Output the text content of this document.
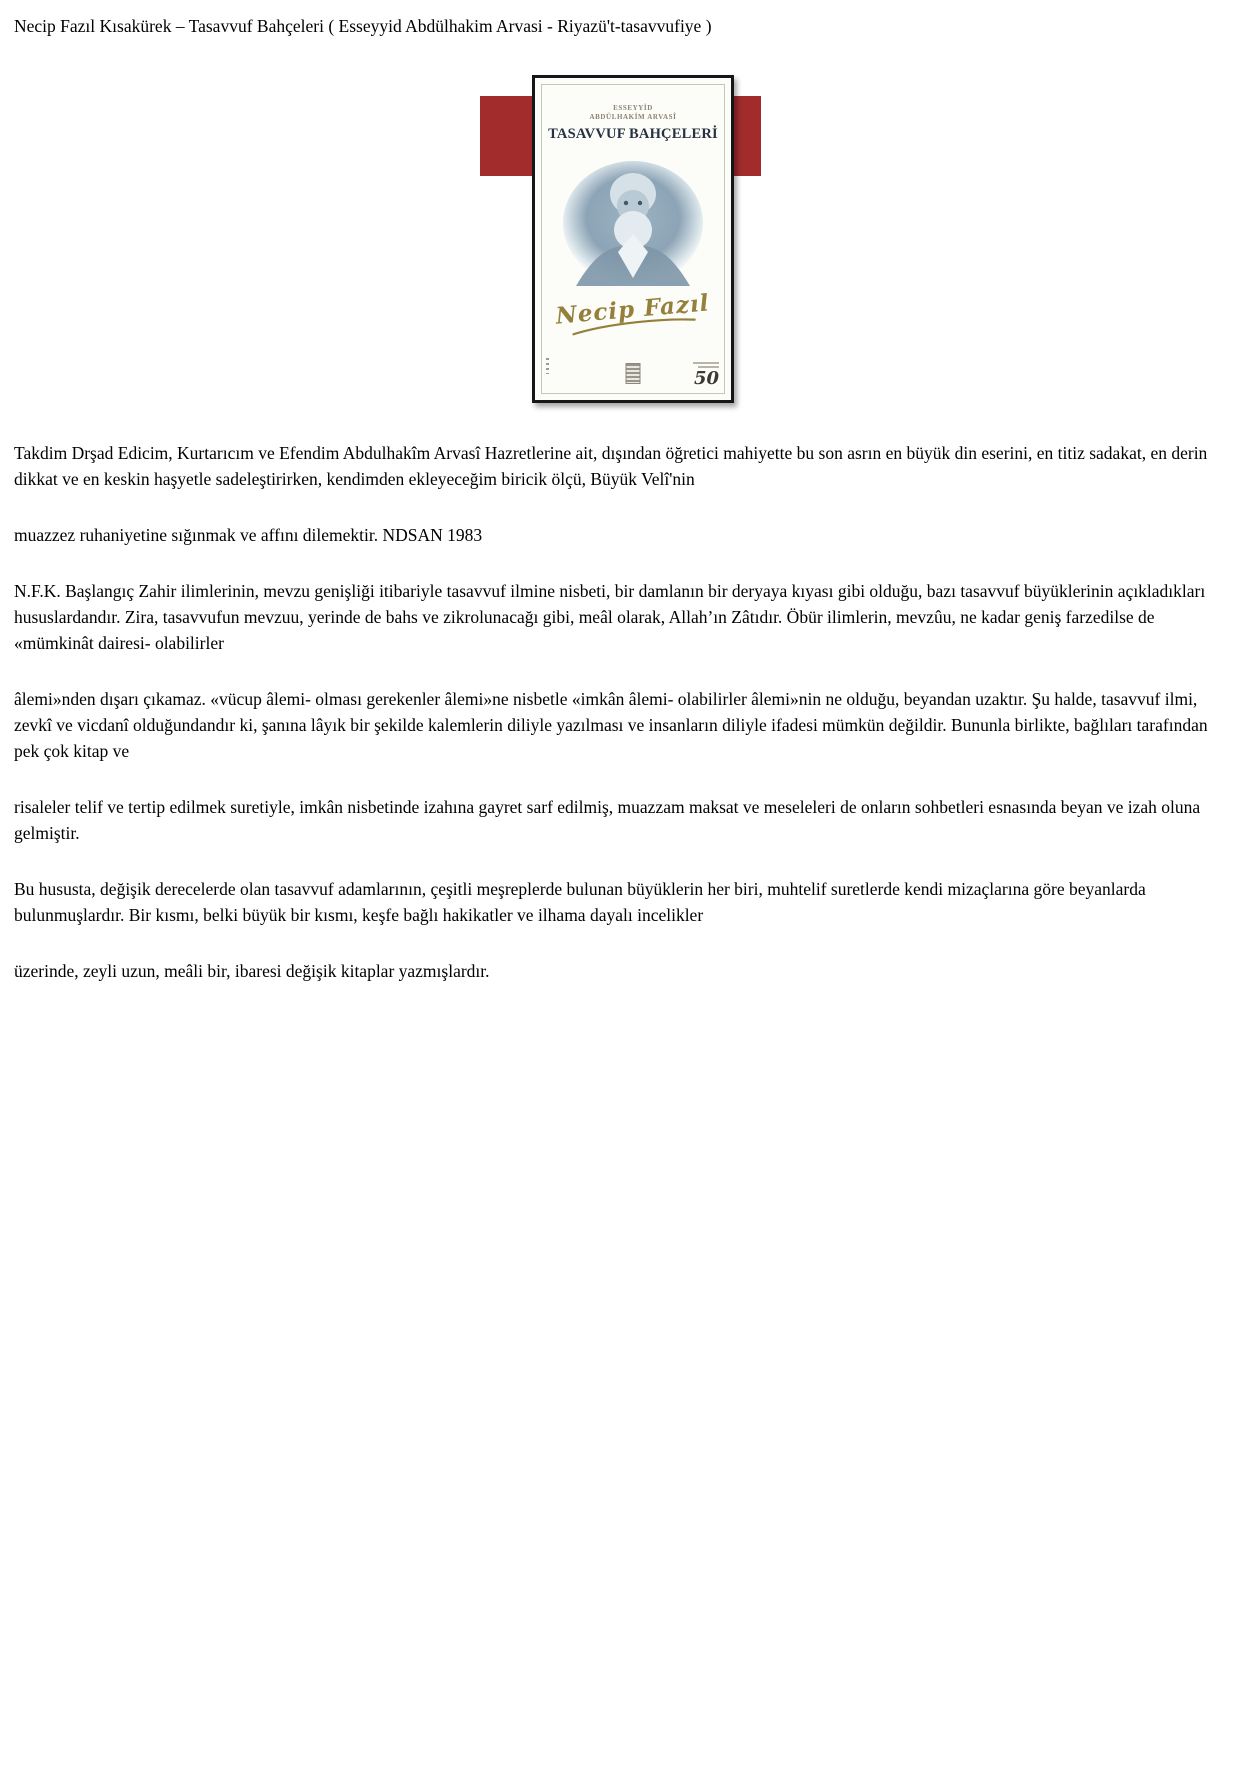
Necip Fazıl Kısakürek – Tasavvuf Bahçeleri ( Esseyyid Abdülhakim Arvasi - Riyazü't-tasavvufiye )
ESSEYYİD
ABDÜLHAKİM ARVASÎ
TASAVVUF BAHÇELERİ
Necip Fazıl
50

Takdim Drşad Edicim, Kurtarıcım ve Efendim Abdulhakîm Arvasî Hazretlerine ait, dışından öğretici mahiyette bu son asrın en büyük din eserini, en titiz sadakat, en derin dikkat ve en keskin haşyetle sadeleştirirken, kendimden ekleyeceğim biricik ölçü, Büyük Velî'nin

muazzez ruhaniyetine sığınmak ve affını dilemektir. NDSAN 1983

N.F.K. Başlangıç Zahir ilimlerinin, mevzu genişliği itibariyle tasavvuf ilmine nisbeti, bir damlanın bir deryaya kıyası gibi olduğu, bazı tasavvuf büyüklerinin açıkladıkları hususlardandır. Zira, tasavvufun mevzuu, yerinde de bahs ve zikrolunacağı gibi, meâl olarak, Allah’ın Zâtıdır. Öbür ilimlerin, mevzûu, ne kadar geniş farzedilse de «mümkinât dairesi- olabilirler

âlemi»nden dışarı çıkamaz. «vücup âlemi- olması gerekenler âlemi»ne nisbetle «imkân âlemi- olabilirler âlemi»nin ne olduğu, beyandan uzaktır. Şu halde, tasavvuf ilmi, zevkî ve vicdanî olduğundandır ki, şanına lâyık bir şekilde kalemlerin diliyle yazılması ve insanların diliyle ifadesi mümkün değildir. Bununla birlikte, bağlıları tarafından pek çok kitap ve

risaleler telif ve tertip edilmek suretiyle, imkân nisbetinde izahına gayret sarf edilmiş, muazzam maksat ve meseleleri de onların sohbetleri esnasında beyan ve izah oluna gelmiştir.

Bu hususta, değişik derecelerde olan tasavvuf adamlarının, çeşitli meşreplerde bulunan büyüklerin her biri, muhtelif suretlerde kendi mizaçlarına göre beyanlarda bulunmuşlardır. Bir kısmı, belki büyük bir kısmı, keşfe bağlı hakikatler ve ilhama dayalı incelikler

üzerinde, zeyli uzun, meâli bir, ibaresi değişik kitaplar yazmışlardır.
